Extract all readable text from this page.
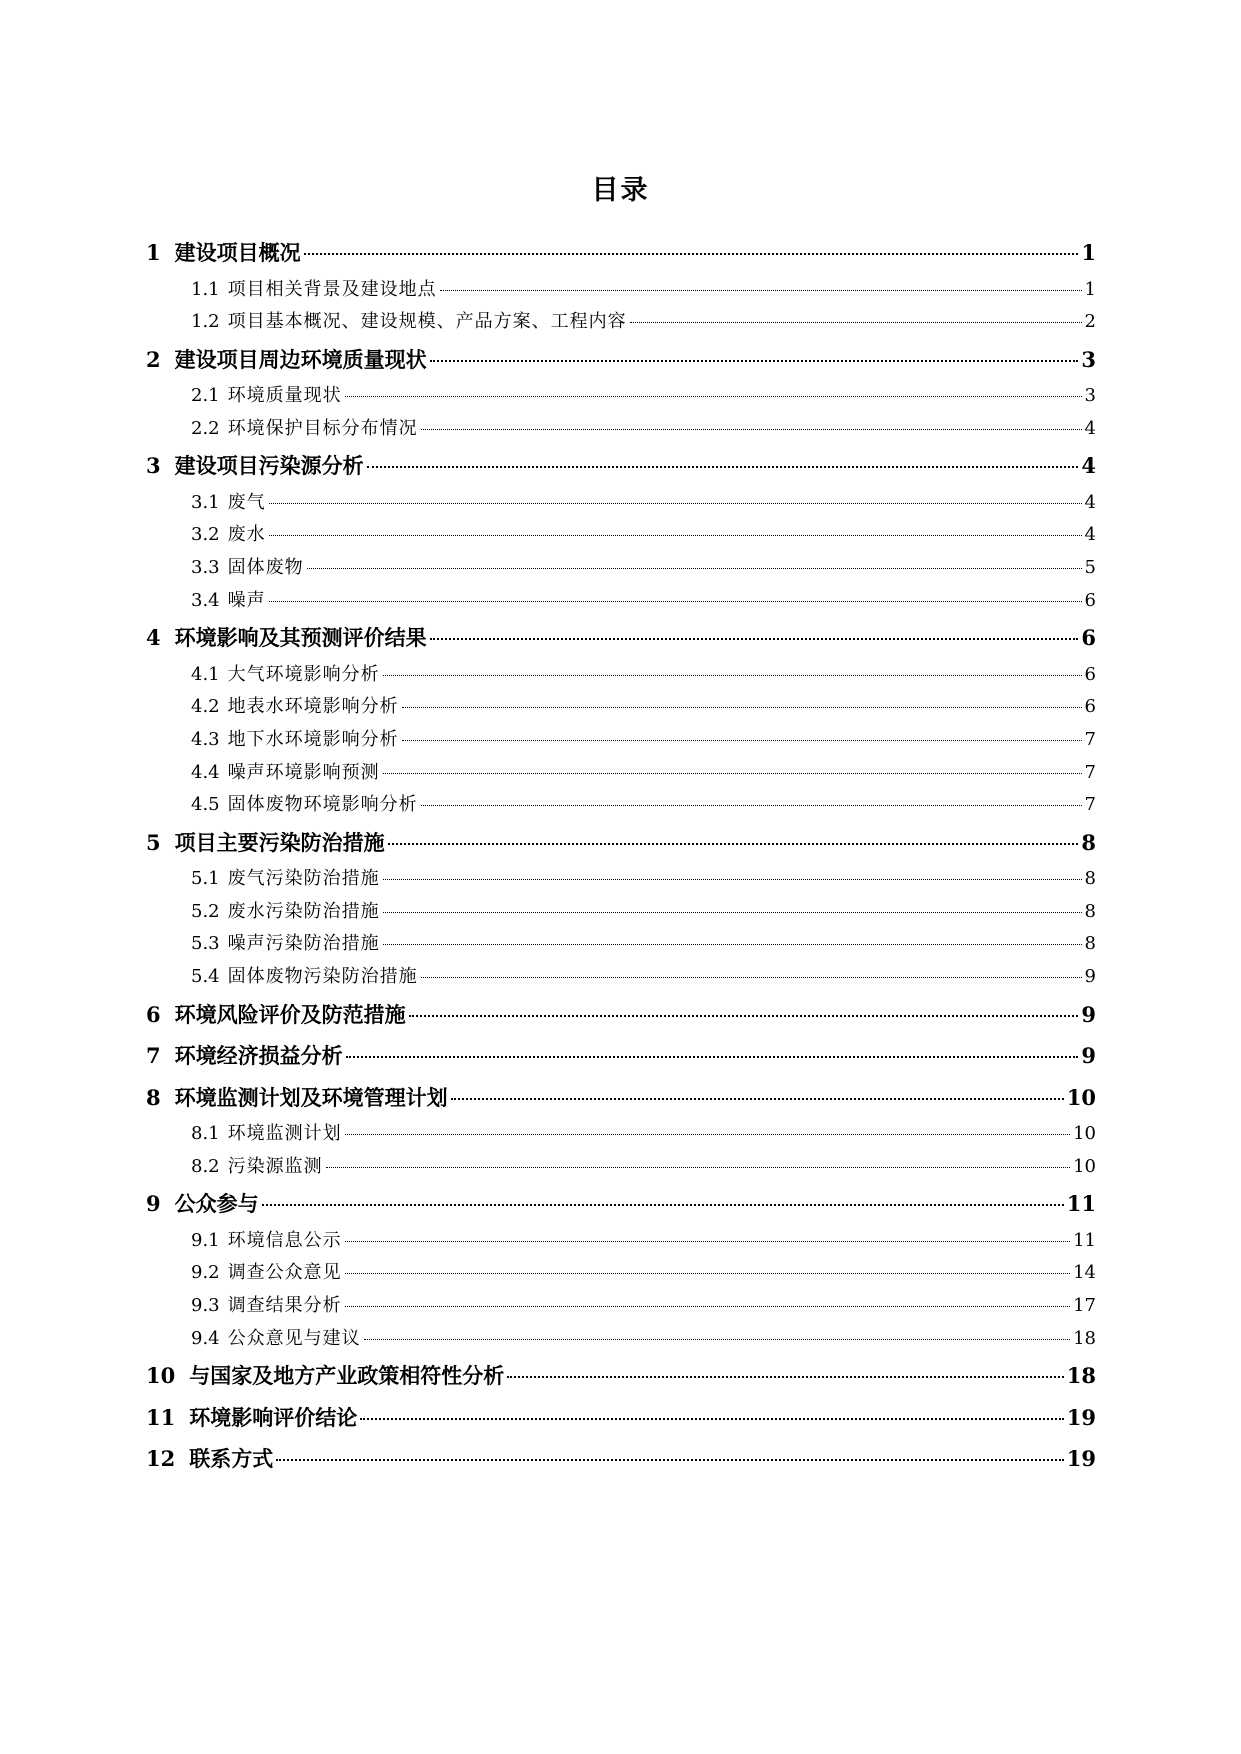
目录
1 建设项目概况	1
1.1 项目相关背景及建设地点	1
1.2 项目基本概况、建设规模、产品方案、工程内容	2
2 建设项目周边环境质量现状	3
2.1 环境质量现状	3
2.2 环境保护目标分布情况	4
3 建设项目污染源分析	4
3.1 废气	4
3.2 废水	4
3.3 固体废物	5
3.4 噪声	6
4 环境影响及其预测评价结果	6
4.1 大气环境影响分析	6
4.2 地表水环境影响分析	6
4.3 地下水环境影响分析	7
4.4 噪声环境影响预测	7
4.5 固体废物环境影响分析	7
5 项目主要污染防治措施	8
5.1 废气污染防治措施	8
5.2 废水污染防治措施	8
5.3 噪声污染防治措施	8
5.4 固体废物污染防治措施	9
6 环境风险评价及防范措施	9
7 环境经济损益分析	9
8 环境监测计划及环境管理计划	10
8.1 环境监测计划	10
8.2 污染源监测	10
9 公众参与	11
9.1 环境信息公示	11
9.2 调查公众意见	14
9.3 调查结果分析	17
9.4 公众意见与建议	18
10 与国家及地方产业政策相符性分析	18
11 环境影响评价结论	19
12 联系方式	19
